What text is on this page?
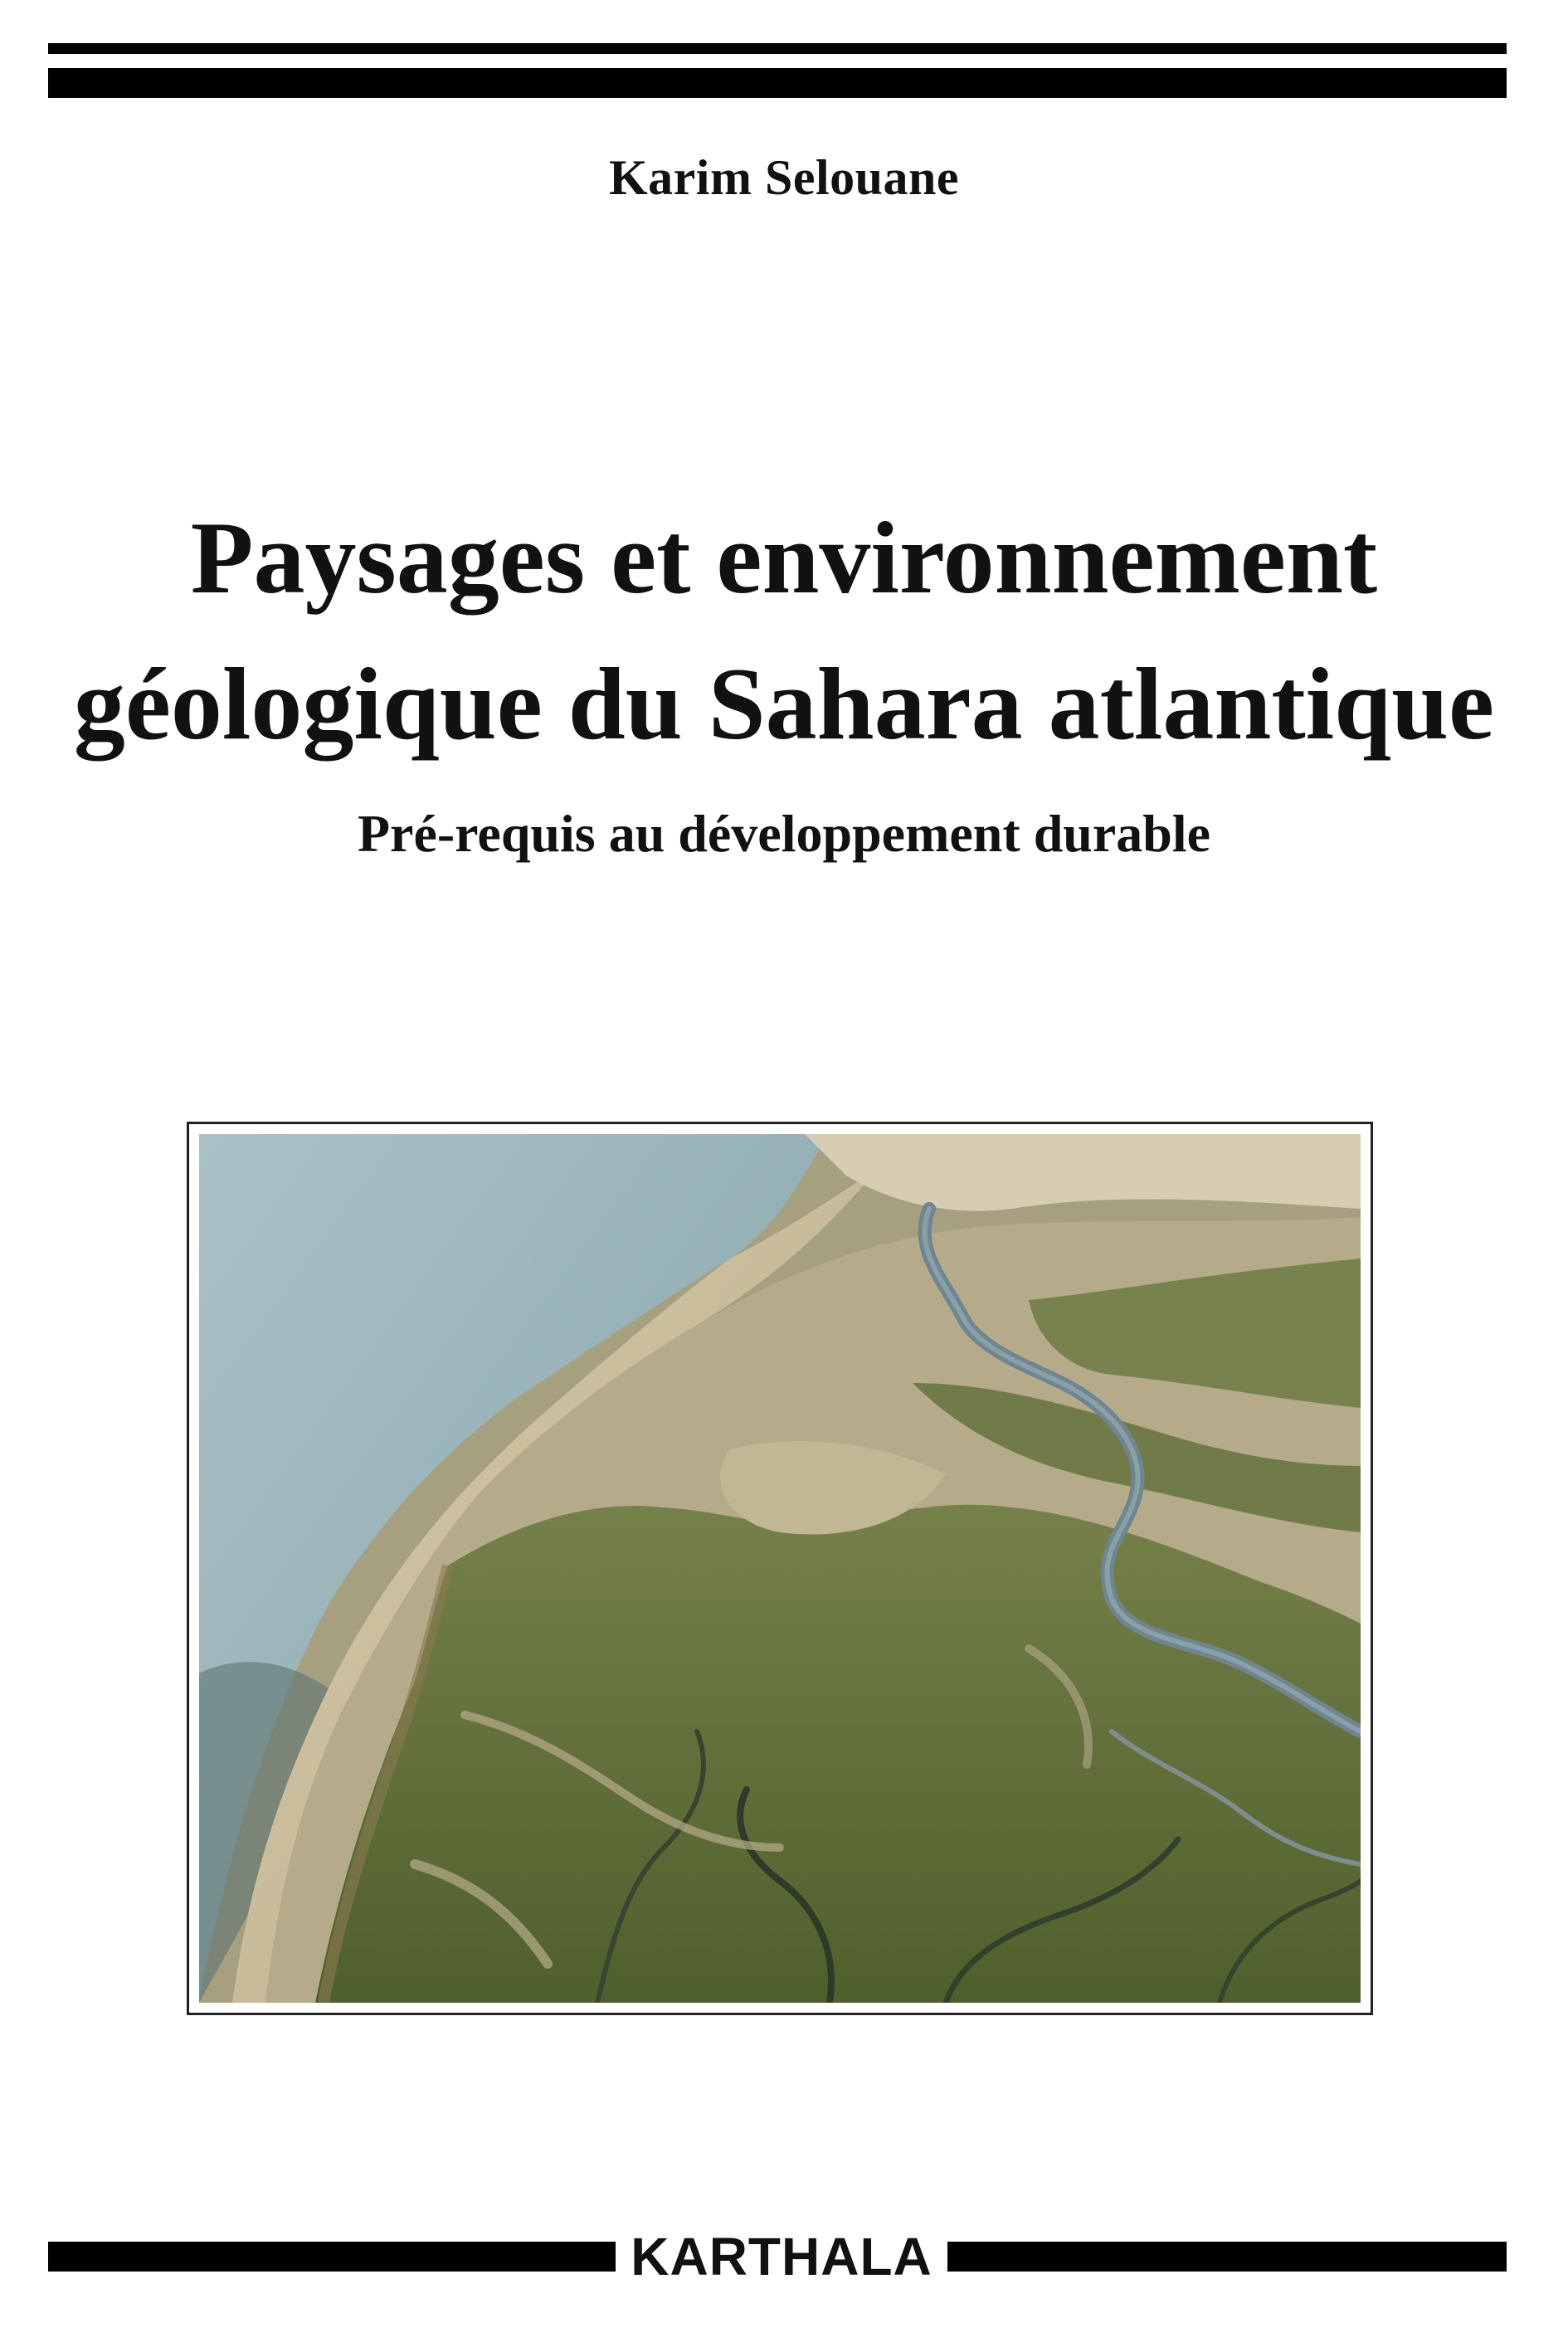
Karim Selouane
Paysages et environnement
géologique du Sahara atlantique
Pré-requis au développement durable
KARTHALA
